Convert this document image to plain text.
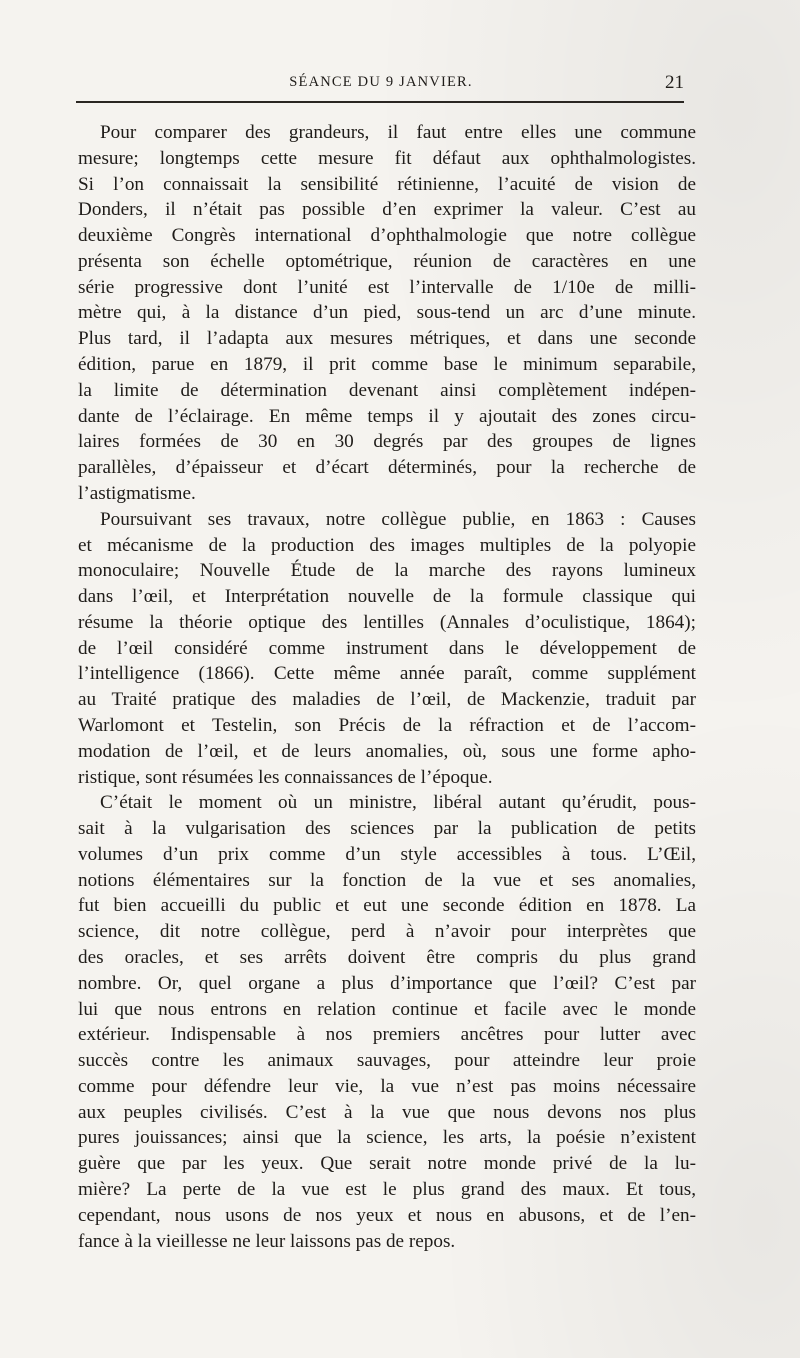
SÉANCE DU 9 JANVIER.	21
Pour comparer des grandeurs, il faut entre elles une commune
mesure; longtemps cette mesure fit défaut aux ophthalmologistes.
Si l’on connaissait la sensibilité rétinienne, l’acuité de vision de
Donders, il n’était pas possible d’en exprimer la valeur. C’est au
deuxième Congrès international d’ophthalmologie que notre collègue
présenta son échelle optométrique, réunion de caractères en une
série progressive dont l’unité est l’intervalle de 1/10e de milli-
mètre qui, à la distance d’un pied, sous-tend un arc d’une minute.
Plus tard, il l’adapta aux mesures métriques, et dans une seconde
édition, parue en 1879, il prit comme base le minimum separabile,
la limite de détermination devenant ainsi complètement indépen-
dante de l’éclairage. En même temps il y ajoutait des zones circu-
laires formées de 30 en 30 degrés par des groupes de lignes
parallèles, d’épaisseur et d’écart déterminés, pour la recherche de
l’astigmatisme.
Poursuivant ses travaux, notre collègue publie, en 1863 : Causes
et mécanisme de la production des images multiples de la polyopie
monoculaire; Nouvelle Étude de la marche des rayons lumineux
dans l’œil, et Interprétation nouvelle de la formule classique qui
résume la théorie optique des lentilles (Annales d’oculistique, 1864);
de l’œil considéré comme instrument dans le développement de
l’intelligence (1866). Cette même année paraît, comme supplément
au Traité pratique des maladies de l’œil, de Mackenzie, traduit par
Warlomont et Testelin, son Précis de la réfraction et de l’accom-
modation de l’œil, et de leurs anomalies, où, sous une forme apho-
ristique, sont résumées les connaissances de l’époque.
C’était le moment où un ministre, libéral autant qu’érudit, pous-
sait à la vulgarisation des sciences par la publication de petits
volumes d’un prix comme d’un style accessibles à tous. L’Œil,
notions élémentaires sur la fonction de la vue et ses anomalies,
fut bien accueilli du public et eut une seconde édition en 1878. La
science, dit notre collègue, perd à n’avoir pour interprètes que
des oracles, et ses arrêts doivent être compris du plus grand
nombre. Or, quel organe a plus d’importance que l’œil? C’est par
lui que nous entrons en relation continue et facile avec le monde
extérieur. Indispensable à nos premiers ancêtres pour lutter avec
succès contre les animaux sauvages, pour atteindre leur proie
comme pour défendre leur vie, la vue n’est pas moins nécessaire
aux peuples civilisés. C’est à la vue que nous devons nos plus
pures jouissances; ainsi que la science, les arts, la poésie n’existent
guère que par les yeux. Que serait notre monde privé de la lu-
mière? La perte de la vue est le plus grand des maux. Et tous,
cependant, nous usons de nos yeux et nous en abusons, et de l’en-
fance à la vieillesse ne leur laissons pas de repos.
